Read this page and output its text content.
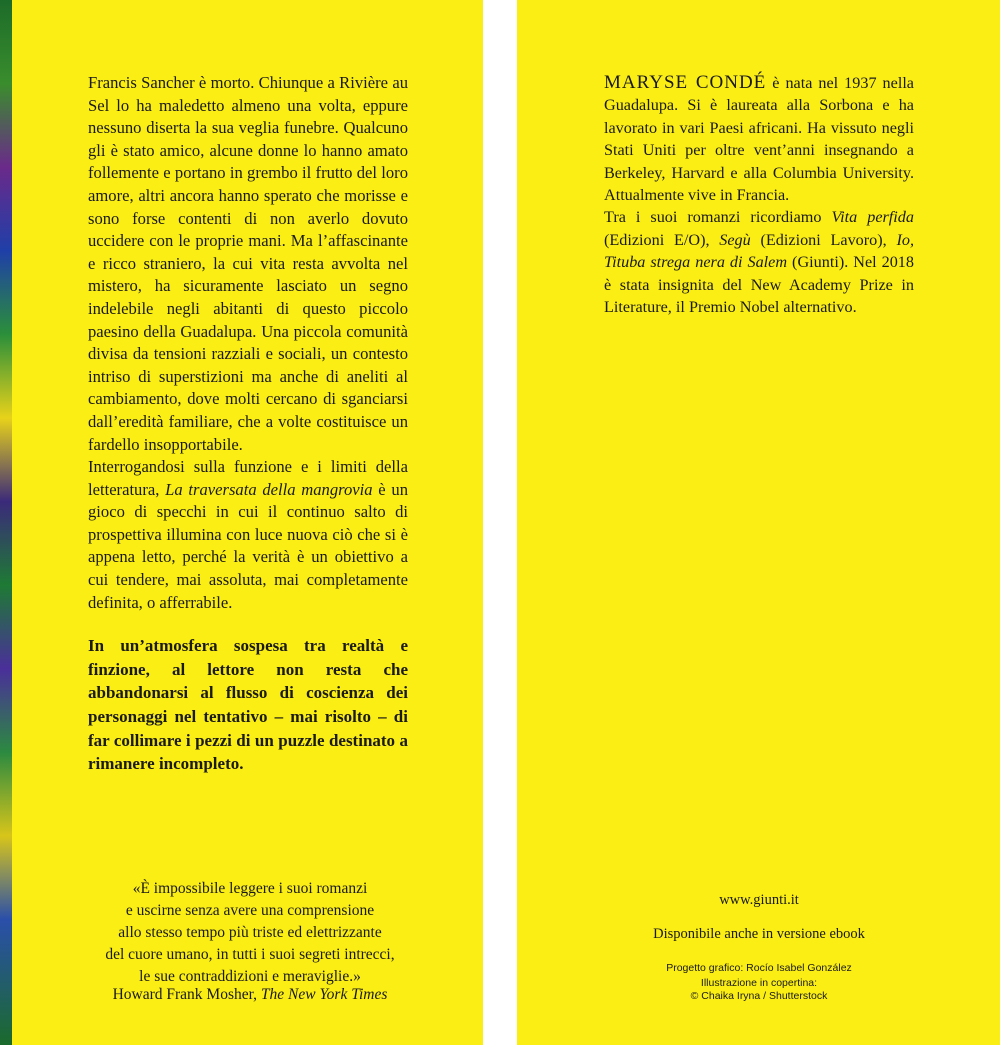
Francis Sancher è morto. Chiunque a Rivière au Sel lo ha maledetto almeno una volta, eppure nessuno diserta la sua veglia funebre. Qualcuno gli è stato amico, alcune donne lo hanno amato follemente e portano in grembo il frutto del loro amore, altri ancora hanno sperato che morisse e sono forse contenti di non averlo dovuto uccidere con le proprie mani. Ma l’affascinante e ricco straniero, la cui vita resta avvolta nel mistero, ha sicuramente lasciato un segno indelebile negli abitanti di questo piccolo paesino della Guadalupa. Una piccola comunità divisa da tensioni razziali e sociali, un contesto intriso di superstizioni ma anche di aneliti al cambiamento, dove molti cercano di sganciarsi dall’eredità familiare, che a volte costituisce un fardello insopportabile.

Interrogandosi sulla funzione e i limiti della letteratura, La traversata della mangrovia è un gioco di specchi in cui il continuo salto di prospettiva illumina con luce nuova ciò che si è appena letto, perché la verità è un obiettivo a cui tendere, mai assoluta, mai completamente definita, o afferrabile.

In un’atmosfera sospesa tra realtà e finzione, al lettore non resta che abbandonarsi al flusso di coscienza dei personaggi nel tentativo – mai risolto – di far collimare i pezzi di un puzzle destinato a rimanere incompleto.

«È impossibile leggere i suoi romanzi
e uscirne senza avere una comprensione
allo stesso tempo più triste ed elettrizzante
del cuore umano, in tutti i suoi segreti intrecci,
le sue contraddizioni e meraviglie.»
Howard Frank Mosher, The New York Times

MARYSE CONDÉ è nata nel 1937 nella Guadalupa. Si è laureata alla Sorbona e ha lavorato in vari Paesi africani. Ha vissuto negli Stati Uniti per oltre vent’anni insegnando a Berkeley, Harvard e alla Columbia University. Attualmente vive in Francia.

Tra i suoi romanzi ricordiamo Vita perfida (Edizioni E/O), Segù (Edizioni Lavoro), Io, Tituba strega nera di Salem (Giunti). Nel 2018 è stata insignita del New Academy Prize in Literature, il Premio Nobel alternativo.

www.giunti.it
Disponibile anche in versione ebook
Progetto grafico: Rocío Isabel González
Illustrazione in copertina:
© Chaika Iryna / Shutterstock
